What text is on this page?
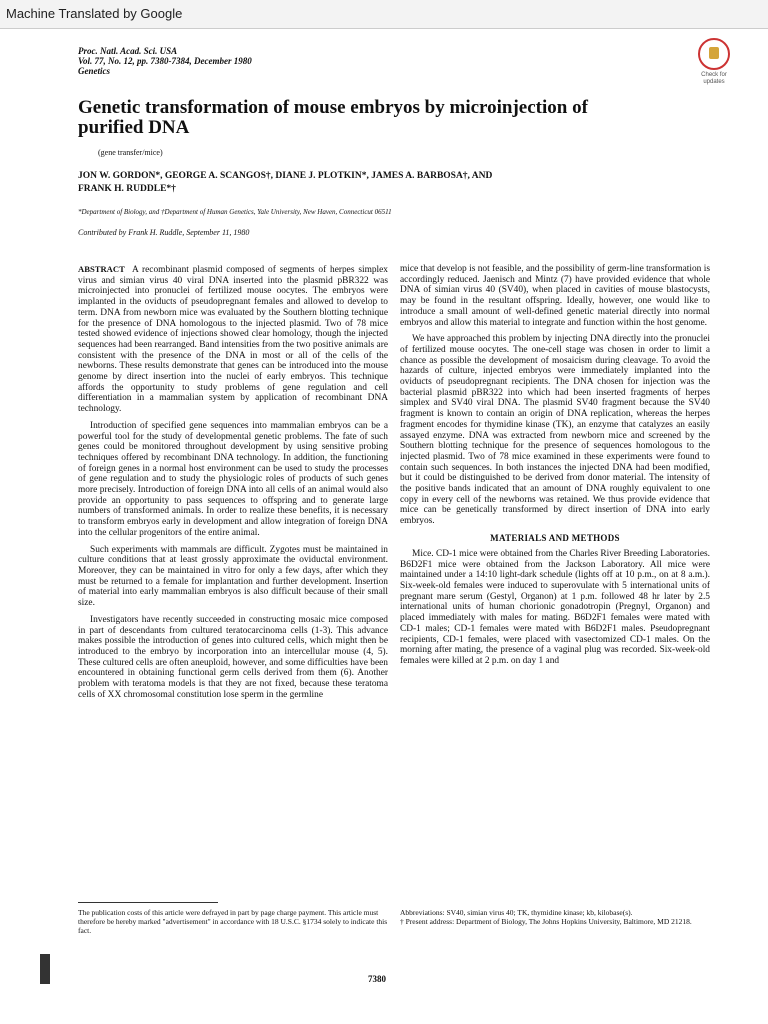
Machine Translated by Google
Proc. Natl. Acad. Sci. USA
Vol. 77, No. 12, pp. 7380-7384, December 1980
Genetics	Check for updates
Genetic transformation of mouse embryos by microinjection of
purified DNA
(gene transfer/mice)
JON W. GORDON*, GEORGE A. SCANGOS†, DIANE J. PLOTKIN*, JAMES A. BARBOSA†, AND
FRANK H. RUDDLE*†
*Department of Biology, and †Department of Human Genetics, Yale University, New Haven, Connecticut 06511
Contributed by Frank H. Ruddle, September 11, 1980

ABSTRACT A recombinant plasmid composed of segments of herpes simplex virus and simian virus 40 viral DNA inserted into the plasmid pBR322 was microinjected into pronuclei of fertilized mouse oocytes. The embryos were implanted in the oviducts of pseudopregnant females and allowed to develop to term. DNA from newborn mice was evaluated by the Southern blotting technique for the presence of DNA homologous to the injected plasmid. Two of 78 mice tested showed evidence of injections showed clear homology, though the injected sequences had been rearranged. Band intensities from the two positive animals are consistent with the presence of the DNA in most or all of the cells of the newborns. These results demonstrate that genes can be introduced into the mouse genome by direct insertion into the nuclei of early embryos. This technique affords the opportunity to study problems of gene regulation and cell differentiation in a mammalian system by application of recombinant DNA technology.

Introduction of specified gene sequences into mammalian embryos can be a powerful tool for the study of developmental genetic problems. The fate of such genes could be monitored throughout development by using sensitive probing techniques offered by recombinant DNA technology. In addition, the functioning of foreign genes in a normal host environment can be used to study the processes of gene regulation and to study the physiologic roles of products of such genes more precisely. Introduction of foreign DNA into all cells of an animal would also provide an opportunity to pass sequences to offspring and to generate large numbers of transformed animals. In order to realize these benefits, it is necessary to transform embryos early in development and allow integration of foreign DNA into the cellular progenitors of the entire animal.

Such experiments with mammals are difficult. Zygotes must be maintained in culture conditions that at least grossly approximate the oviductal environment. Moreover, they can be maintained in vitro for only a few days, after which they must be returned to a female for implantation and further development. Insertion of material into early mammalian embryos is also difficult because of their small size.

Investigators have recently succeeded in constructing mosaic mice composed in part of descendants from cultured teratocarcinoma cells (1-3). This advance makes possible the introduction of genes into cultured cells, which might then be introduced to the embryo by incorporation into an intercellular mouse (4, 5). These cultured cells are often aneuploid, however, and some difficulties have been encountered in obtaining functional germ cells derived from them (6). Another problem with teratoma models is that they are not fixed, because these teratoma cells of XX chromosomal constitution lose sperm in the germline

mice that develop is not feasible, and the possibility of germ-line transformation is accordingly reduced. Jaenisch and Mintz (7) have provided evidence that whole DNA of simian virus 40 (SV40), when placed in cavities of mouse blastocysts, may be found in the resultant offspring. Ideally, however, one would like to introduce a small amount of well-defined genetic material directly into normal embryos and allow this material to integrate and function within the host genome.

We have approached this problem by injecting DNA directly into the pronuclei of fertilized mouse oocytes. The one-cell stage was chosen in order to limit a chance as possible the development of mosaicism during cleavage. To avoid the hazards of culture, injected embryos were immediately implanted into the oviducts of pseudopregnant recipients. The DNA chosen for injection was the bacterial plasmid pBR322 into which had been inserted fragments of herpes simplex and SV40 viral DNA. The plasmid SV40 fragment because the SV40 fragment is known to contain an origin of DNA replication, whereas the herpes fragment encodes for thymidine kinase (TK), an enzyme that catalyzes an easily assayed enzyme. DNA was extracted from newborn mice and screened by the Southern blotting technique for the presence of sequences homologous to the injected plasmid. Two of 78 mice examined in these experiments were found to contain such sequences. In both instances the injected DNA had been modified, but it could be distinguished to be derived from donor material. The intensity of the positive bands indicated that an amount of DNA roughly equivalent to one copy in every cell of the newborns was retained. We thus provide evidence that mice can be genetically transformed by direct insertion of DNA into early embryos.

MATERIALS AND METHODS

Mice. CD-1 mice were obtained from the Charles River Breeding Laboratories. B6D2F1 mice were obtained from the Jackson Laboratory. All mice were maintained under a 14:10 light-dark schedule (lights off at 10 p.m., on at 8 a.m.). Six-week-old females were induced to superovulate with 5 international units of pregnant mare serum (Gestyl, Organon) at 1 p.m. followed 48 hr later by 2.5 international units of human chorionic gonadotropin (Pregnyl, Organon) and placed immediately with males for mating. B6D2F1 females were mated with CD-1 males; CD-1 females were mated with B6D2F1 males. Pseudopregnant recipients, CD-1 females, were placed with vasectomized CD-1 males. On the morning after mating, the presence of a vaginal plug was recorded. Six-week-old females were killed at 2 p.m. on day 1 and

The publication costs of this article were defrayed in part by page charge payment. This article must therefore be hereby marked "advertisement" in accordance with 18 U.S.C. §1734 solely to indicate this fact.
Abbreviations: SV40, simian virus 40; TK, thymidine kinase; kb, kilobase(s).
† Present address: Department of Biology, The Johns Hopkins University, Baltimore, MD 21218.
7380
